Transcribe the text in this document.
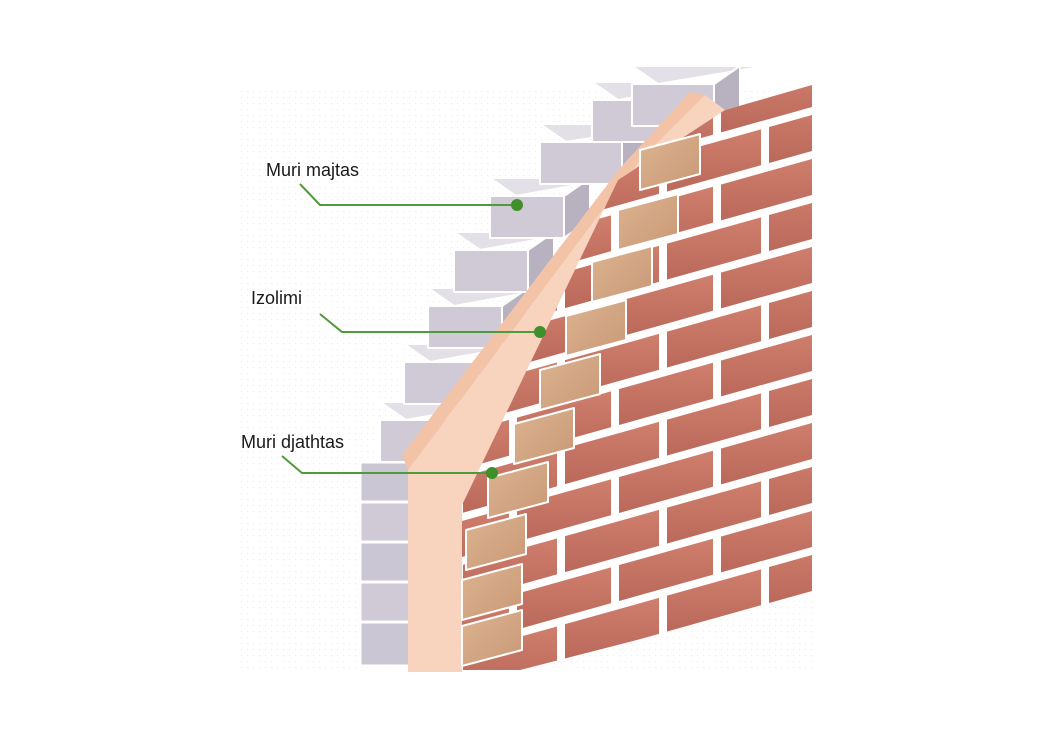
Muri majtas
Izolimi
Muri djathtas
